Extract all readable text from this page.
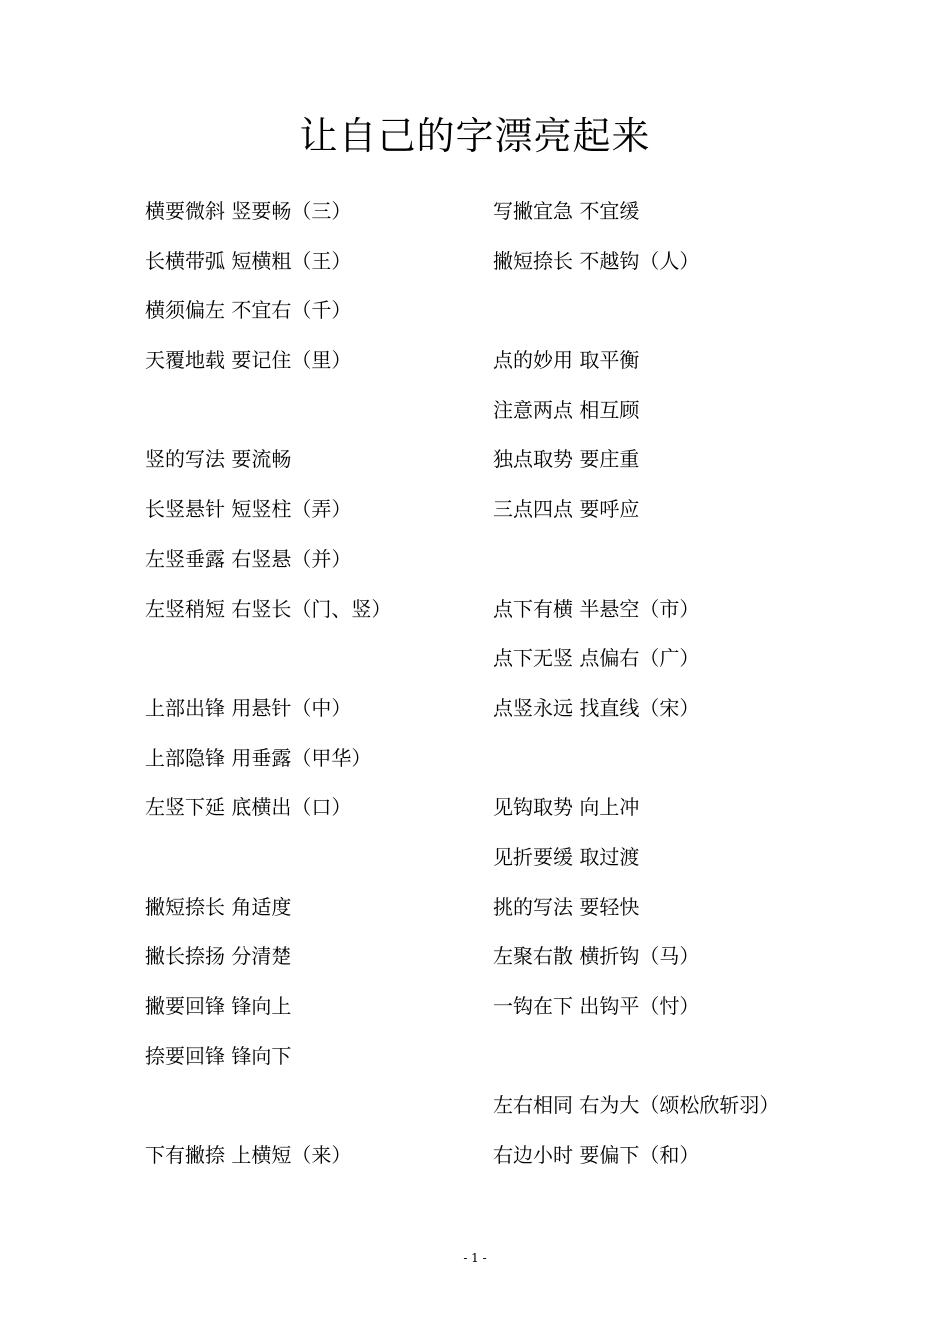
让自己的字漂亮起来
横要微斜 竖要畅（三）
长横带弧 短横粗（王）
横须偏左 不宜右（千）
天覆地载 要记住（里）
竖的写法 要流畅
长竖悬针 短竖柱（弄）
左竖垂露 右竖悬（并）
左竖稍短 右竖长（门、竖）
上部出锋 用悬针（中）
上部隐锋 用垂露（甲华）
左竖下延 底横出（口）
撇短捺长 角适度
撇长捺扬 分清楚
撇要回锋 锋向上
捺要回锋 锋向下
下有撇捺 上横短（来）
写撇宜急 不宜缓
撇短捺长 不越钩（人）
点的妙用 取平衡
注意两点 相互顾
独点取势 要庄重
三点四点 要呼应
点下有横 半悬空（市）
点下无竖 点偏右（广）
点竖永远 找直线（宋）
见钩取势 向上冲
见折要缓 取过渡
挑的写法 要轻快
左聚右散 横折钩（马）
一钩在下 出钩平（忖）
左右相同 右为大（颂松欣斩羽）
右边小时 要偏下（和）
- 1 -
